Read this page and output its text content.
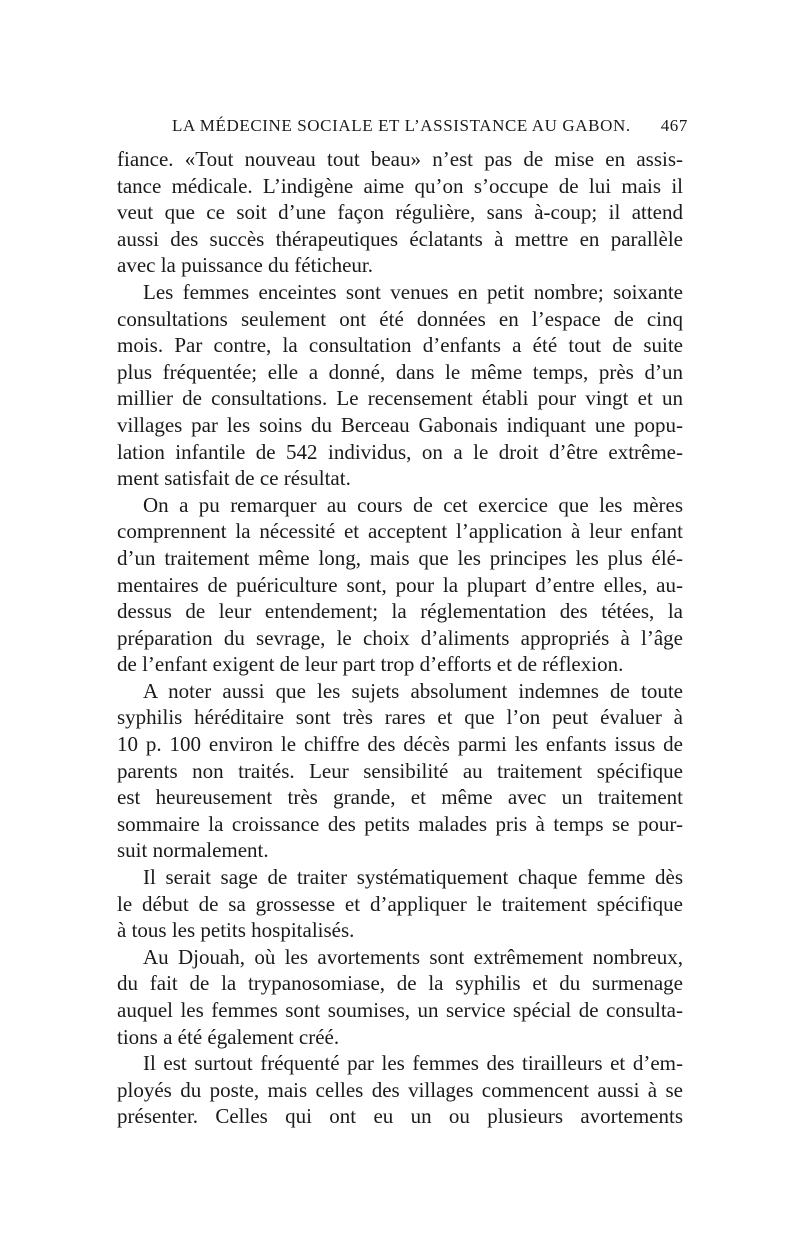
LA MÉDECINE SOCIALE ET L’ASSISTANCE AU GABON. 467
fiance. «Tout nouveau tout beau» n’est pas de mise en assis-
tance médicale. L’indigène aime qu’on s’occupe de lui mais il
veut que ce soit d’une façon régulière, sans à-coup; il attend
aussi des succès thérapeutiques éclatants à mettre en parallèle
avec la puissance du féticheur.
Les femmes enceintes sont venues en petit nombre; soixante
consultations seulement ont été données en l’espace de cinq
mois. Par contre, la consultation d’enfants a été tout de suite
plus fréquentée; elle a donné, dans le même temps, près d’un
millier de consultations. Le recensement établi pour vingt et un
villages par les soins du Berceau Gabonais indiquant une popu-
lation infantile de 542 individus, on a le droit d’être extrême-
ment satisfait de ce résultat.
On a pu remarquer au cours de cet exercice que les mères
comprennent la nécessité et acceptent l’application à leur enfant
d’un traitement même long, mais que les principes les plus élé-
mentaires de puériculture sont, pour la plupart d’entre elles, au-
dessus de leur entendement; la réglementation des tétées, la
préparation du sevrage, le choix d’aliments appropriés à l’âge
de l’enfant exigent de leur part trop d’efforts et de réflexion.
A noter aussi que les sujets absolument indemnes de toute
syphilis héréditaire sont très rares et que l’on peut évaluer à
10 p. 100 environ le chiffre des décès parmi les enfants issus de
parents non traités. Leur sensibilité au traitement spécifique
est heureusement très grande, et même avec un traitement
sommaire la croissance des petits malades pris à temps se pour-
suit normalement.
Il serait sage de traiter systématiquement chaque femme dès
le début de sa grossesse et d’appliquer le traitement spécifique
à tous les petits hospitalisés.
Au Djouah, où les avortements sont extrêmement nombreux,
du fait de la trypanosomiase, de la syphilis et du surmenage
auquel les femmes sont soumises, un service spécial de consulta-
tions a été également créé.
Il est surtout fréquenté par les femmes des tirailleurs et d’em-
ployés du poste, mais celles des villages commencent aussi à se
présenter. Celles qui ont eu un ou plusieurs avortements
